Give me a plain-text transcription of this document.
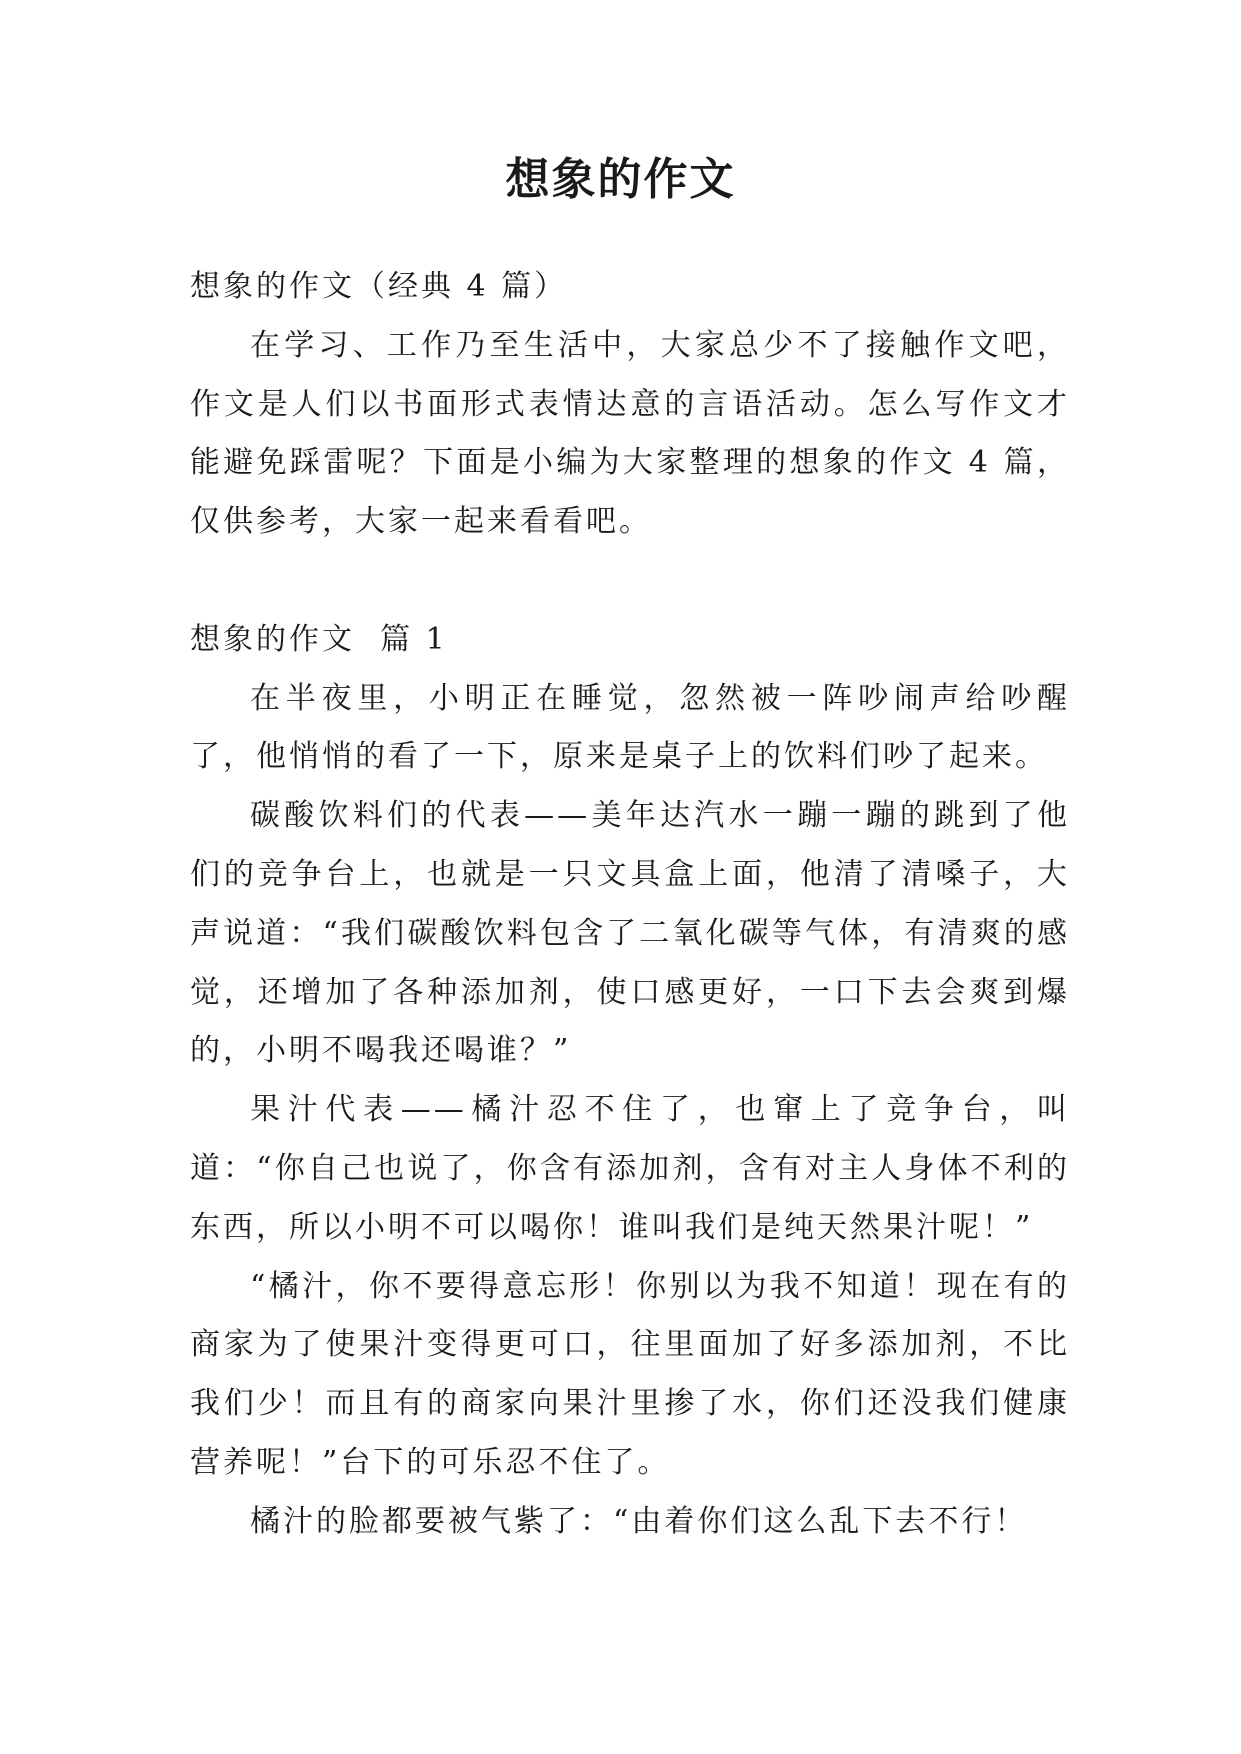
想象的作文

想象的作文（经典 4 篇）

在学习、工作乃至生活中，大家总少不了接触作文吧，作文是人们以书面形式表情达意的言语活动。怎么写作文才能避免踩雷呢？下面是小编为大家整理的想象的作文 4 篇，仅供参考，大家一起来看看吧。

想象的作文  篇 1

在半夜里，小明正在睡觉，忽然被一阵吵闹声给吵醒了，他悄悄的看了一下，原来是桌子上的饮料们吵了起来。

碳酸饮料们的代表——美年达汽水一蹦一蹦的跳到了他们的竞争台上，也就是一只文具盒上面，他清了清嗓子，大声说道：“我们碳酸饮料包含了二氧化碳等气体，有清爽的感觉，还增加了各种添加剂，使口感更好，一口下去会爽到爆的，小明不喝我还喝谁？”

果汁代表——橘汁忍不住了，也窜上了竞争台，叫道：“你自己也说了，你含有添加剂，含有对主人身体不利的东西，所以小明不可以喝你！谁叫我们是纯天然果汁呢！”

“橘汁，你不要得意忘形！你别以为我不知道！现在有的商家为了使果汁变得更可口，往里面加了好多添加剂，不比我们少！而且有的商家向果汁里掺了水，你们还没我们健康营养呢！”台下的可乐忍不住了。

橘汁的脸都要被气紫了：“由着你们这么乱下去不行！
